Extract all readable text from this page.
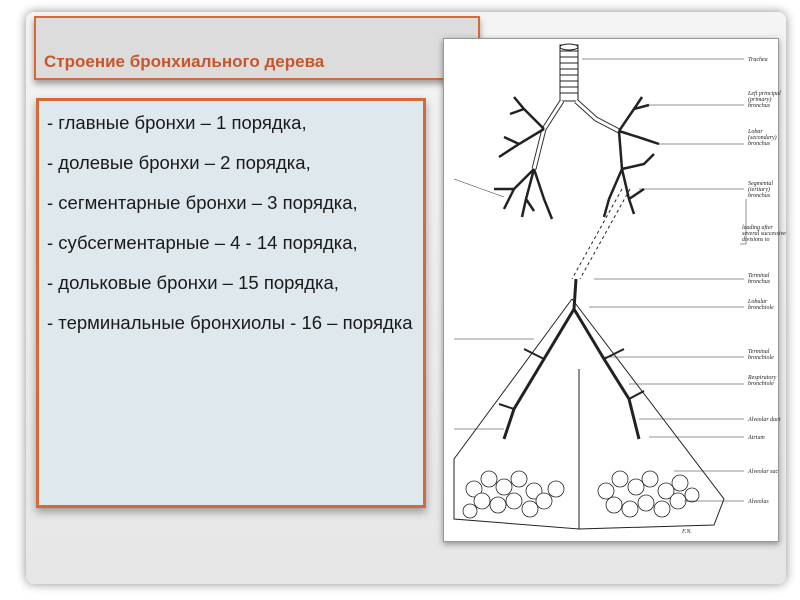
Строение бронхиального дерева
- главные бронхи – 1 порядка,
- долевые бронхи – 2 порядка,
- сегментарные бронхи – 3 порядка,
- субсегментарные – 4 - 14 порядка,
- дольковые бронхи – 15 порядка,
- терминальные бронхиолы - 16 – порядка
Trachea
Left principal
(primary)
bronchus
Lobar
(secondary)
bronchus
Segmental
(tertiary)
bronchus
leading after
several successive
divisions to
Terminal
bronchus
Lobular
bronchiole
Terminal
bronchiole
Respiratory
bronchiole
Alveolar duct
Atrium
Alveolar sac
Alveolus
F.N.
